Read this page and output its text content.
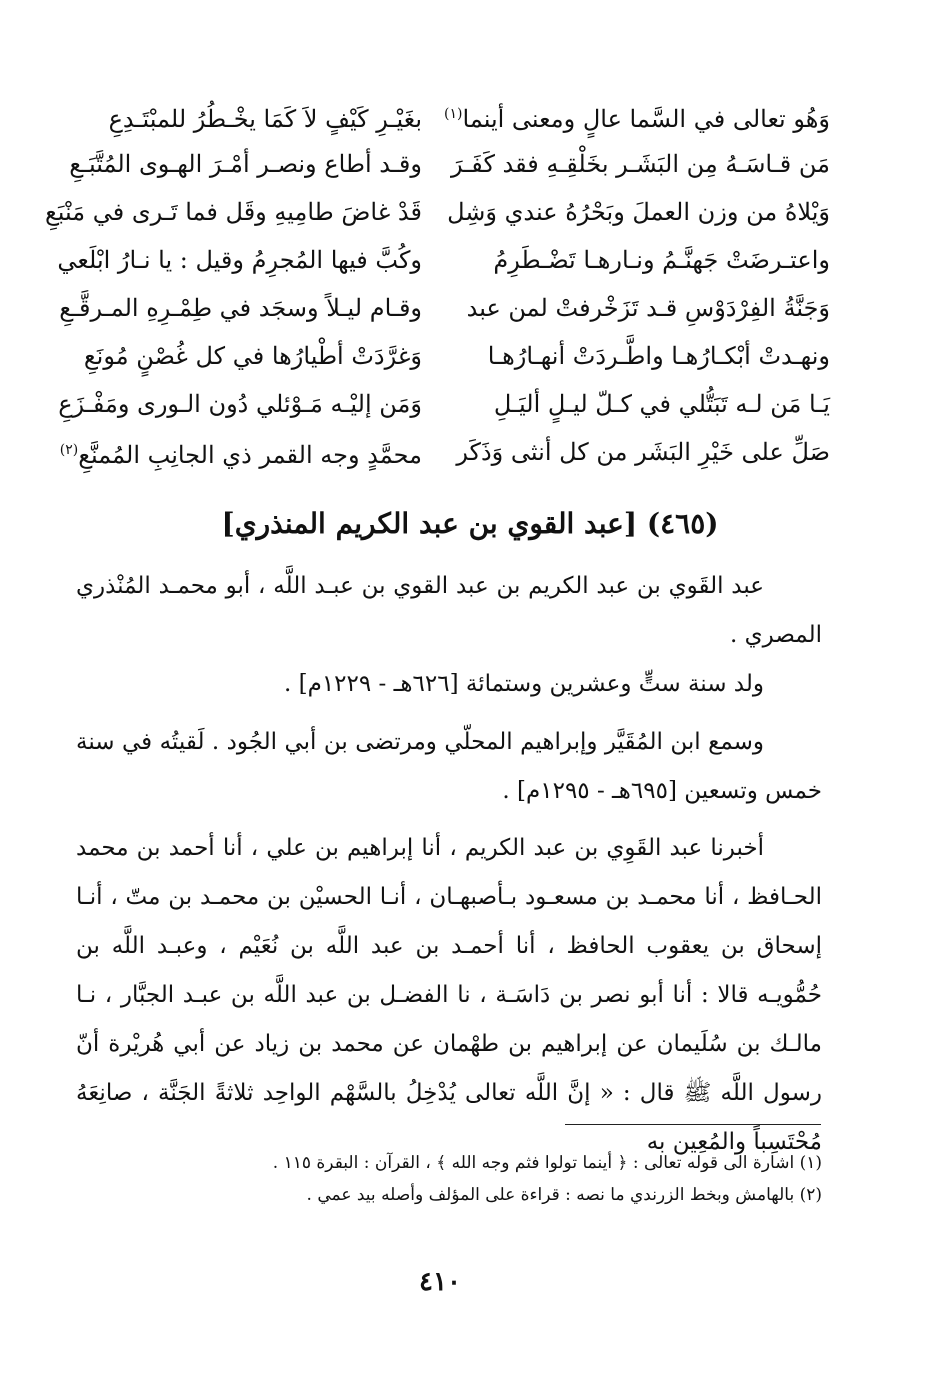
وَهُو تعالى في السَّما عالٍ ومعنى أينما$^{(١)}$
بغَيْـرِ كَيْفٍ لاَ كَمَا يخْـطُرُ للمبْتَـدِعِ
مَن قـاسَـهُ مِن البَشَـر بخَلْقِـهِ فقد كَفَـرَ
وقـد أطاع ونصـر أمْـرَ الهـوى المُتَّبَـعِ
وَيْلاهُ من وزن العملَ وبَحْرُهُ عندي وَشِل
قَدْ غاضَ طامِيهِ وقَل فما تَـرى في مَنْبَعِ
واعتـرضَتْ جَهنَّـمُ ونـارهـا تَضْـطَرِمُ
وكُبَّ فيها المُجرِمُ وقيل : يا نـارُ ابْلَعي
وَجَنَّةُ الفِرْدَوْسِ قـد تَزَخْرفتْ لمن عبد
وقـام ليـلاً وسجَد في طِمْـرِهِ المـرقَّـعِ
ونهـدتْ أبْكـارُهـا واطَّـردَتْ أنهـارُهـا
وَغرَّدَتْ أطْيارُها في كل غُصْنٍ مُونَعِ
يَـا مَن لـه تَبَتُّلي في كـلّ ليـلٍ أليَـلِ
وَمَن إليْـه مَـوْئلي دُون الـورى ومَفْـزَعِ
صَلِّ على خَيْرِ البَشَر من كل أنثى وَذَكَر
محمَّدٍ وجه القمر ذي الجانِبِ المُمنَّعِ$^{(٢)}$
(٤٦٥) [عبد القوي بن عبد الكريم المنذري]
عبد القَوي بن عبد الكريم بن عبد القوي بن عبـد اللَّه ، أبو محمـد المُنْذري المصري .
ولد سنة ستٍّ وعشرين وستمائة [٦٢٦هـ - ١٢٢٩م] .
وسمع ابن المُقَيَّر وإبراهيم المحلّي ومرتضى بن أبي الجُود . لَقيتُه في سنة خمس وتسعين [٦٩٥هـ - ١٢٩٥م] .
أخبرنا عبد القَوِي بن عبد الكريم ، أنا إبراهيم بن علي ، أنا أحمد بن محمد الحـافظ ، أنا محمـد بن مسعـود بـأصبهـان ، أنـا الحسيْن بن محمـد بن متّ ، أنـا إسحاق بن يعقوب الحافظ ، أنا أحمـد بن عبد اللَّه بن نُعَيْم ، وعبـد اللَّه بن حُمُّويـه قالا : أنا أبو نصر بن دَاسَـة ، نا الفضـل بن عبد اللَّه بن عبـد الجبَّار ، نـا مالـك بن سُلَيمان عن إبراهيم بن طهْمان عن محمد بن زياد عن أبي هُريْرة أنّ رسول اللَّه ﷺ قال : « إنَّ اللَّه تعالى يُدْخِلُ بالسَّهْم الواحِد ثلاثةً الجَنَّة ، صانِعَهُ مُحْتَسِباً والمُعِين به
(١) اشارة الى قوله تعالى : ﴿ أينما تولوا فثم وجه الله ﴾ ، القرآن : البقرة ١١٥ .
(٢) بالهامش وبخط الزرندي ما نصه : قراءة على المؤلف وأصله بيد عمي .
٤١٠
